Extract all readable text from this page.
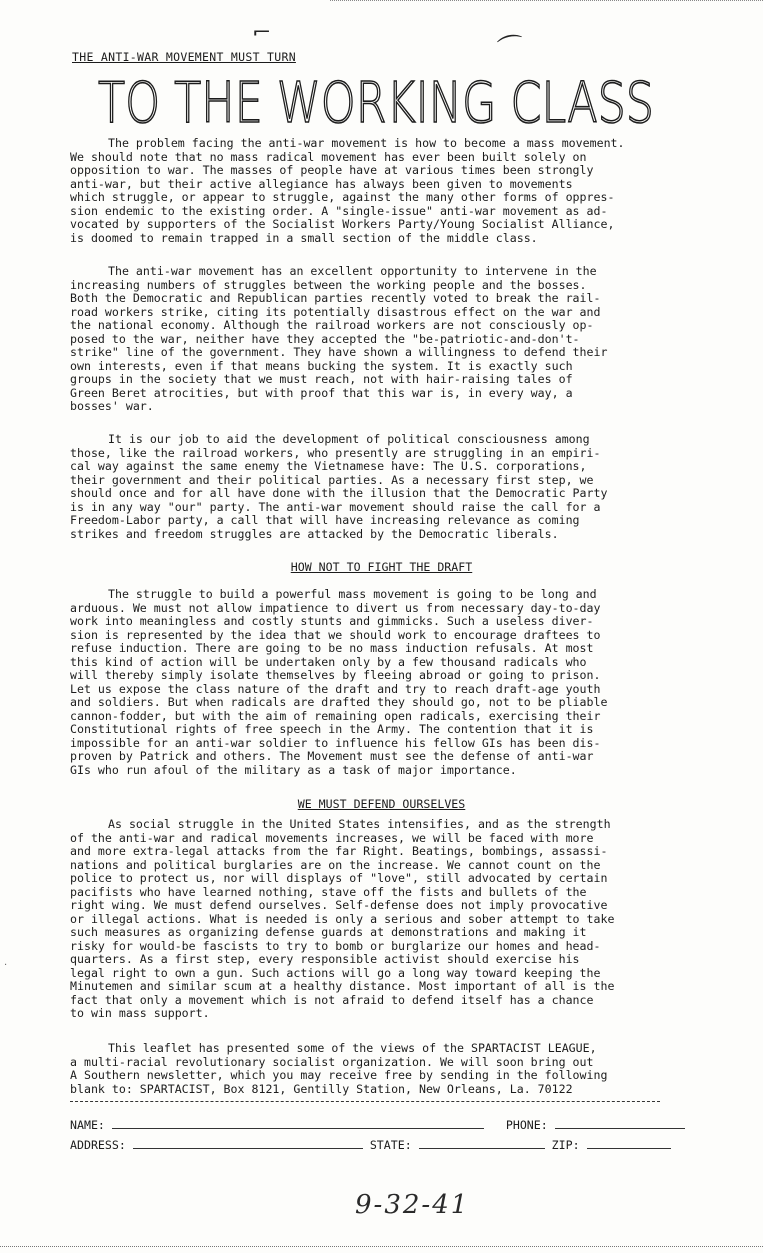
⌐	⌒
·
THE ANTI-WAR MOVEMENT MUST TURN
TO THE WORKING CLASS
The problem facing the anti-war movement is how to become a mass movement.
We should note that no mass radical movement has ever been built solely on
opposition to war. The masses of people have at various times been strongly
anti-war, but their active allegiance has always been given to movements
which struggle, or appear to struggle, against the many other forms of oppres-
sion endemic to the existing order. A "single-issue" anti-war movement as ad-
vocated by supporters of the Socialist Workers Party/Young Socialist Alliance,
is doomed to remain trapped in a small section of the middle class.
The anti-war movement has an excellent opportunity to intervene in the
increasing numbers of struggles between the working people and the bosses.
Both the Democratic and Republican parties recently voted to break the rail-
road workers strike, citing its potentially disastrous effect on the war and
the national economy. Although the railroad workers are not consciously op-
posed to the war, neither have they accepted the "be-patriotic-and-don't-
strike" line of the government. They have shown a willingness to defend their
own interests, even if that means bucking the system. It is exactly such
groups in the society that we must reach, not with hair-raising tales of
Green Beret atrocities, but with proof that this war is, in every way, a
bosses' war.
It is our job to aid the development of political consciousness among
those, like the railroad workers, who presently are struggling in an empiri-
cal way against the same enemy the Vietnamese have: The U.S. corporations,
their government and their political parties. As a necessary first step, we
should once and for all have done with the illusion that the Democratic Party
is in any way "our" party. The anti-war movement should raise the call for a
Freedom-Labor party, a call that will have increasing relevance as coming
strikes and freedom struggles are attacked by the Democratic liberals.
HOW NOT TO FIGHT THE DRAFT
The struggle to build a powerful mass movement is going to be long and
arduous. We must not allow impatience to divert us from necessary day-to-day
work into meaningless and costly stunts and gimmicks. Such a useless diver-
sion is represented by the idea that we should work to encourage draftees to
refuse induction. There are going to be no mass induction refusals. At most
this kind of action will be undertaken only by a few thousand radicals who
will thereby simply isolate themselves by fleeing abroad or going to prison.
Let us expose the class nature of the draft and try to reach draft-age youth
and soldiers. But when radicals are drafted they should go, not to be pliable
cannon-fodder, but with the aim of remaining open radicals, exercising their
Constitutional rights of free speech in the Army. The contention that it is
impossible for an anti-war soldier to influence his fellow GIs has been dis-
proven by Patrick and others. The Movement must see the defense of anti-war
GIs who run afoul of the military as a task of major importance.
WE MUST DEFEND OURSELVES
As social struggle in the United States intensifies, and as the strength
of the anti-war and radical movements increases, we will be faced with more
and more extra-legal attacks from the far Right. Beatings, bombings, assassi-
nations and political burglaries are on the increase. We cannot count on the
police to protect us, nor will displays of "love", still advocated by certain
pacifists who have learned nothing, stave off the fists and bullets of the
right wing. We must defend ourselves. Self-defense does not imply provocative
or illegal actions. What is needed is only a serious and sober attempt to take
such measures as organizing defense guards at demonstrations and making it
risky for would-be fascists to try to bomb or burglarize our homes and head-
quarters. As a first step, every responsible activist should exercise his
legal right to own a gun. Such actions will go a long way toward keeping the
Minutemen and similar scum at a healthy distance. Most important of all is the
fact that only a movement which is not afraid to defend itself has a chance
to win mass support.
This leaflet has presented some of the views of the SPARTACIST LEAGUE,
a multi-racial revolutionary socialist organization. We will soon bring out
A Southern newsletter, which you may receive free by sending in the following
blank to: SPARTACIST, Box 8121, Gentilly Station, New Orleans, La. 70122
NAME:	PHONE:
ADDRESS:	STATE:	ZIP:
9-32-41
